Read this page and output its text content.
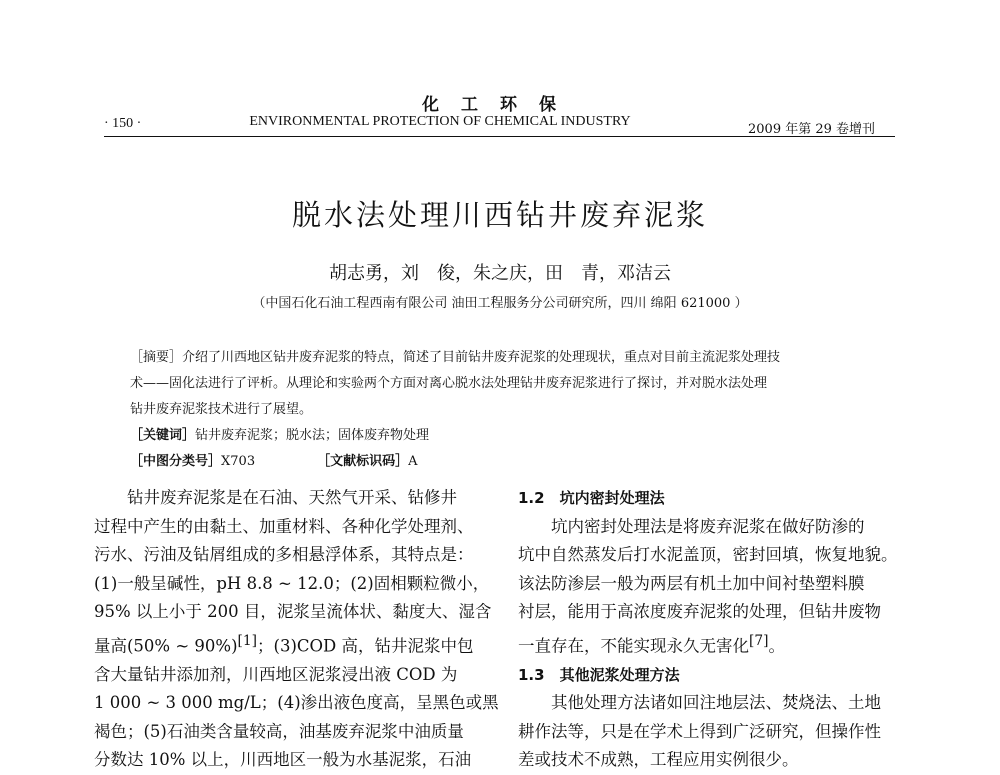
化工环保
· 150 ·	ENVIRONMENTAL PROTECTION OF CHEMICAL INDUSTRY
2009 年第 29 卷增刊
脱水法处理川西钻井废弃泥浆
胡志勇，刘　俊，朱之庆，田　青，邓洁云
（中国石化石油工程西南有限公司 油田工程服务分公司研究所，四川 绵阳 621000 ）
［摘要］介绍了川西地区钻井废弃泥浆的特点，简述了目前钻井废弃泥浆的处理现状，重点对目前主流泥浆处理技
术——固化法进行了评析。从理论和实验两个方面对离心脱水法处理钻井废弃泥浆进行了探讨，并对脱水法处理
钻井废弃泥浆技术进行了展望。
［关键词］钻井废弃泥浆；脱水法；固体废弃物处理
［中图分类号］X703	［文献标识码］A
钻井废弃泥浆是在石油、天然气开采、钻修井
过程中产生的由黏土、加重材料、各种化学处理剂、
污水、污油及钻屑组成的多相悬浮体系，其特点是：
(1)一般呈碱性，pH 8.8 ~ 12.0；(2)固相颗粒微小，
95% 以上小于 200 目，泥浆呈流体状、黏度大、湿含
量高(50% ~ 90%)[1]；(3)COD 高，钻井泥浆中包
含大量钻井添加剂，川西地区泥浆浸出液 COD 为
1 000 ~ 3 000 mg/L；(4)渗出液色度高，呈黑色或黑
褐色；(5)石油类含量较高，油基废弃泥浆中油质量
分数达 10% 以上，川西地区一般为水基泥浆，石油
1.2　坑内密封处理法
坑内密封处理法是将废弃泥浆在做好防渗的
坑中自然蒸发后打水泥盖顶，密封回填，恢复地貌。
该法防渗层一般为两层有机土加中间衬垫塑料膜
衬层，能用于高浓度废弃泥浆的处理，但钻井废物
一直存在，不能实现永久无害化[7]。
1.3　其他泥浆处理方法
其他处理方法诸如回注地层法、焚烧法、土地
耕作法等，只是在学术上得到广泛研究，但操作性
差或技术不成熟，工程应用实例很少。
